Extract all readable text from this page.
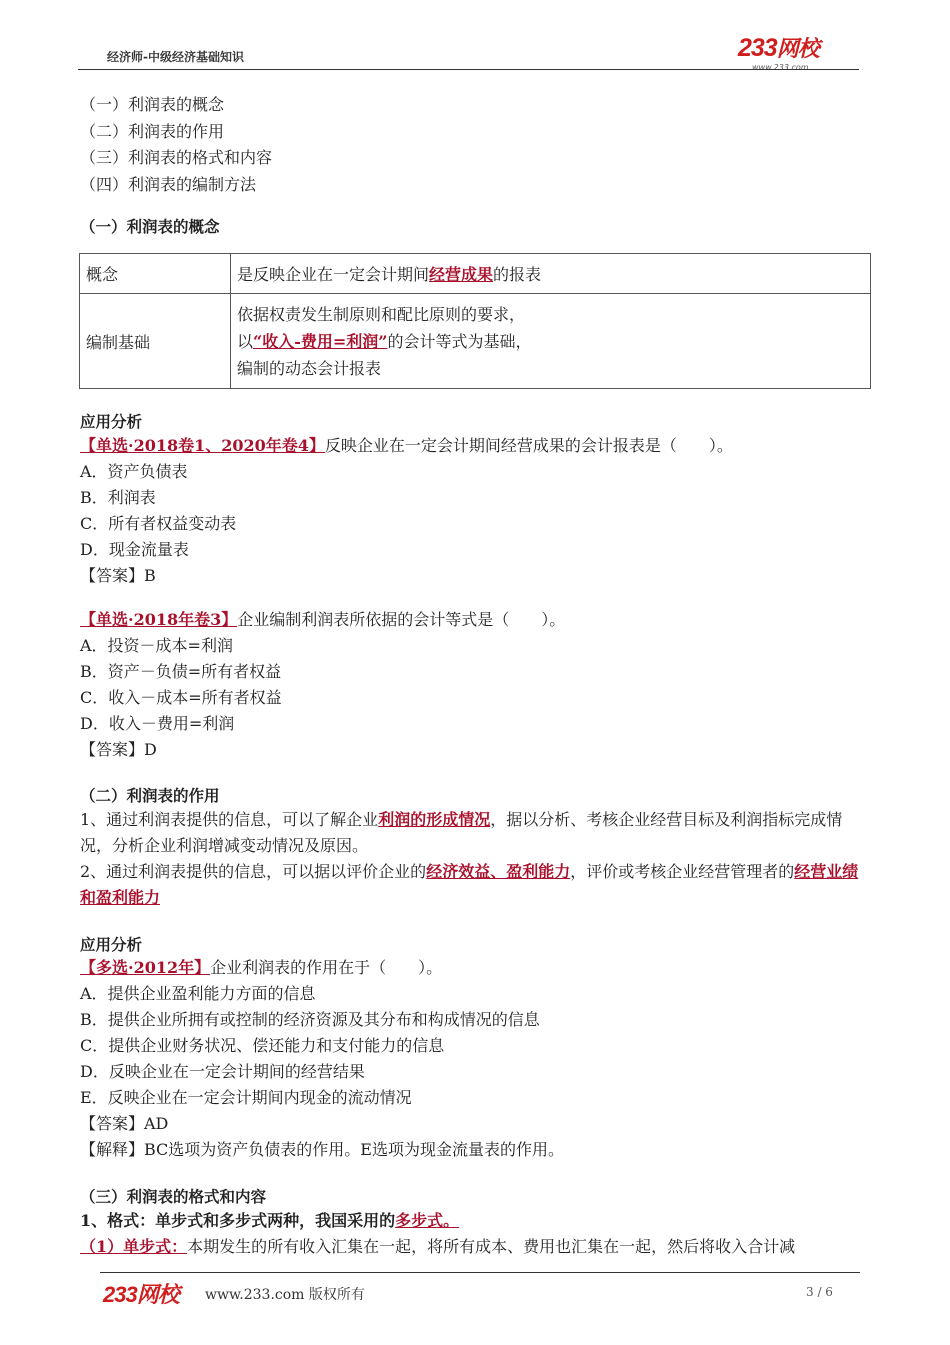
经济师-中级经济基础知识	233网校
www.233.com
（一）利润表的概念
（二）利润表的作用
（三）利润表的格式和内容
（四）利润表的编制方法
（一）利润表的概念
概念	是反映企业在一定会计期间经营成果的报表
编制基础	依据权责发生制原则和配比原则的要求，
以“收入-费用=利润”的会计等式为基础，
编制的动态会计报表
应用分析
【单选·2018卷1、2020年卷4】反映企业在一定会计期间经营成果的会计报表是（　　）。
A．资产负债表
B．利润表
C．所有者权益变动表
D．现金流量表
【答案】B
【单选·2018年卷3】企业编制利润表所依据的会计等式是（　　）。
A．投资－成本=利润
B．资产－负债=所有者权益
C．收入－成本=所有者权益
D．收入－费用=利润
【答案】D
（二）利润表的作用
1、通过利润表提供的信息，可以了解企业利润的形成情况，据以分析、考核企业经营目标及利润指标完成情况，分析企业利润增减变动情况及原因。
2、通过利润表提供的信息，可以据以评价企业的经济效益、盈利能力，评价或考核企业经营管理者的经营业绩和盈利能力
应用分析
【多选·2012年】企业利润表的作用在于（　　）。
A．提供企业盈利能力方面的信息
B．提供企业所拥有或控制的经济资源及其分布和构成情况的信息
C．提供企业财务状况、偿还能力和支付能力的信息
D．反映企业在一定会计期间的经营结果
E．反映企业在一定会计期间内现金的流动情况
【答案】AD
【解释】BC选项为资产负债表的作用。E选项为现金流量表的作用。
（三）利润表的格式和内容
1、格式：单步式和多步式两种，我国采用的多步式。
（1）单步式：本期发生的所有收入汇集在一起，将所有成本、费用也汇集在一起，然后将收入合计减
233网校 www.233.com 版权所有	3 / 6
